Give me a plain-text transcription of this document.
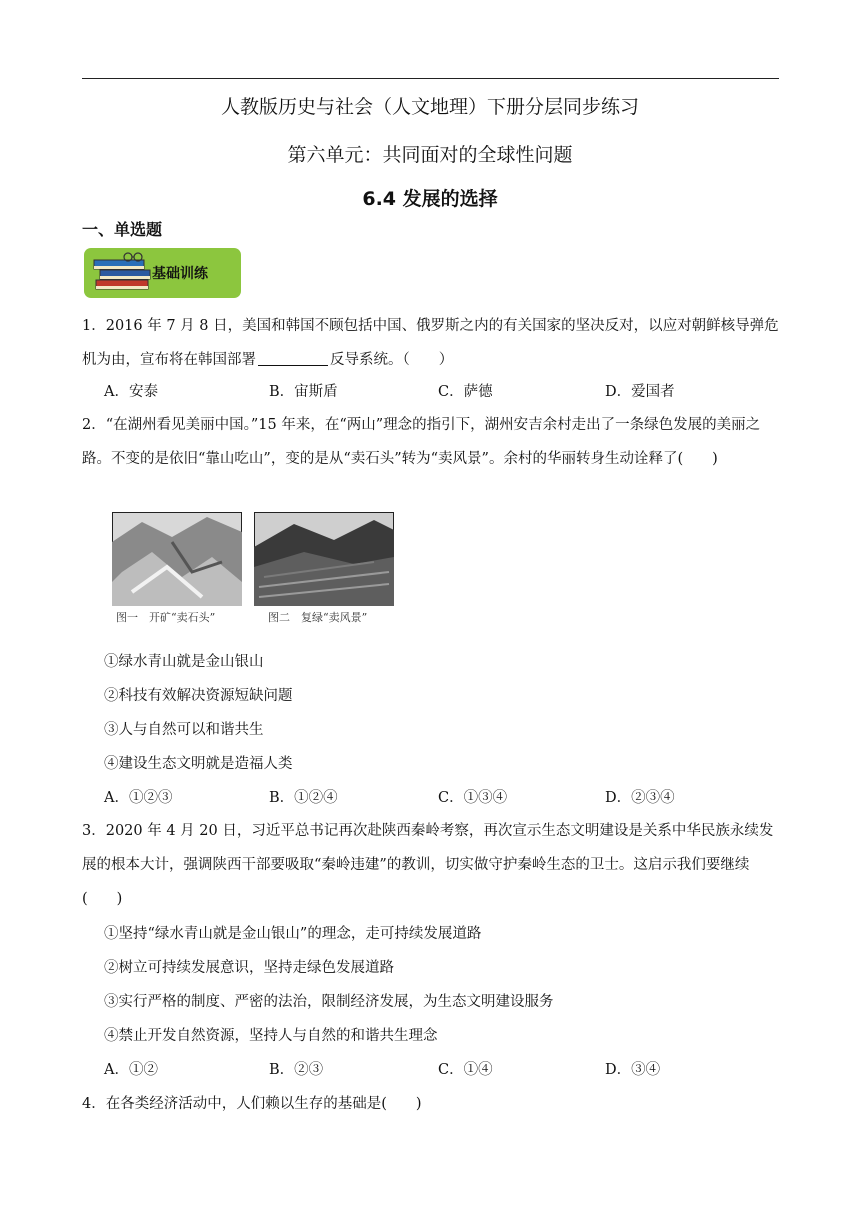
人教版历史与社会（人文地理）下册分层同步练习
第六单元：共同面对的全球性问题
6.4 发展的选择
一、单选题
基础训练

1．2016 年 7 月 8 日，美国和韩国不顾包括中国、俄罗斯之内的有关国家的坚决反对，以应对朝鲜核导弹危机为由，宣布将在韩国部署	反导系统。（　　）

A．安泰	B．宙斯盾	C．萨德	D．爱国者

2．“在湖州看见美丽中国。”15 年来，在“两山”理念的指引下，湖州安吉余村走出了一条绿色发展的美丽之路。不变的是依旧“靠山吃山”，变的是从“卖石头”转为“卖风景”。余村的华丽转身生动诠释了(　　)

图一　开矿“卖石头”	图二　复绿“卖风景”
①绿水青山就是金山银山
②科技有效解决资源短缺问题
③人与自然可以和谐共生
④建设生态文明就是造福人类
A．①②③	B．①②④	C．①③④	D．②③④

3．2020 年 4 月 20 日，习近平总书记再次赴陕西秦岭考察，再次宣示生态文明建设是关系中华民族永续发展的根本大计，强调陕西干部要吸取“秦岭违建”的教训，切实做守护秦岭生态的卫士。这启示我们要继续(　　)

①坚持“绿水青山就是金山银山”的理念，走可持续发展道路
②树立可持续发展意识，坚持走绿色发展道路
③实行严格的制度、严密的法治，限制经济发展，为生态文明建设服务
④禁止开发自然资源，坚持人与自然的和谐共生理念
A．①②	B．②③	C．①④	D．③④

4．在各类经济活动中，人们赖以生存的基础是(　　)
